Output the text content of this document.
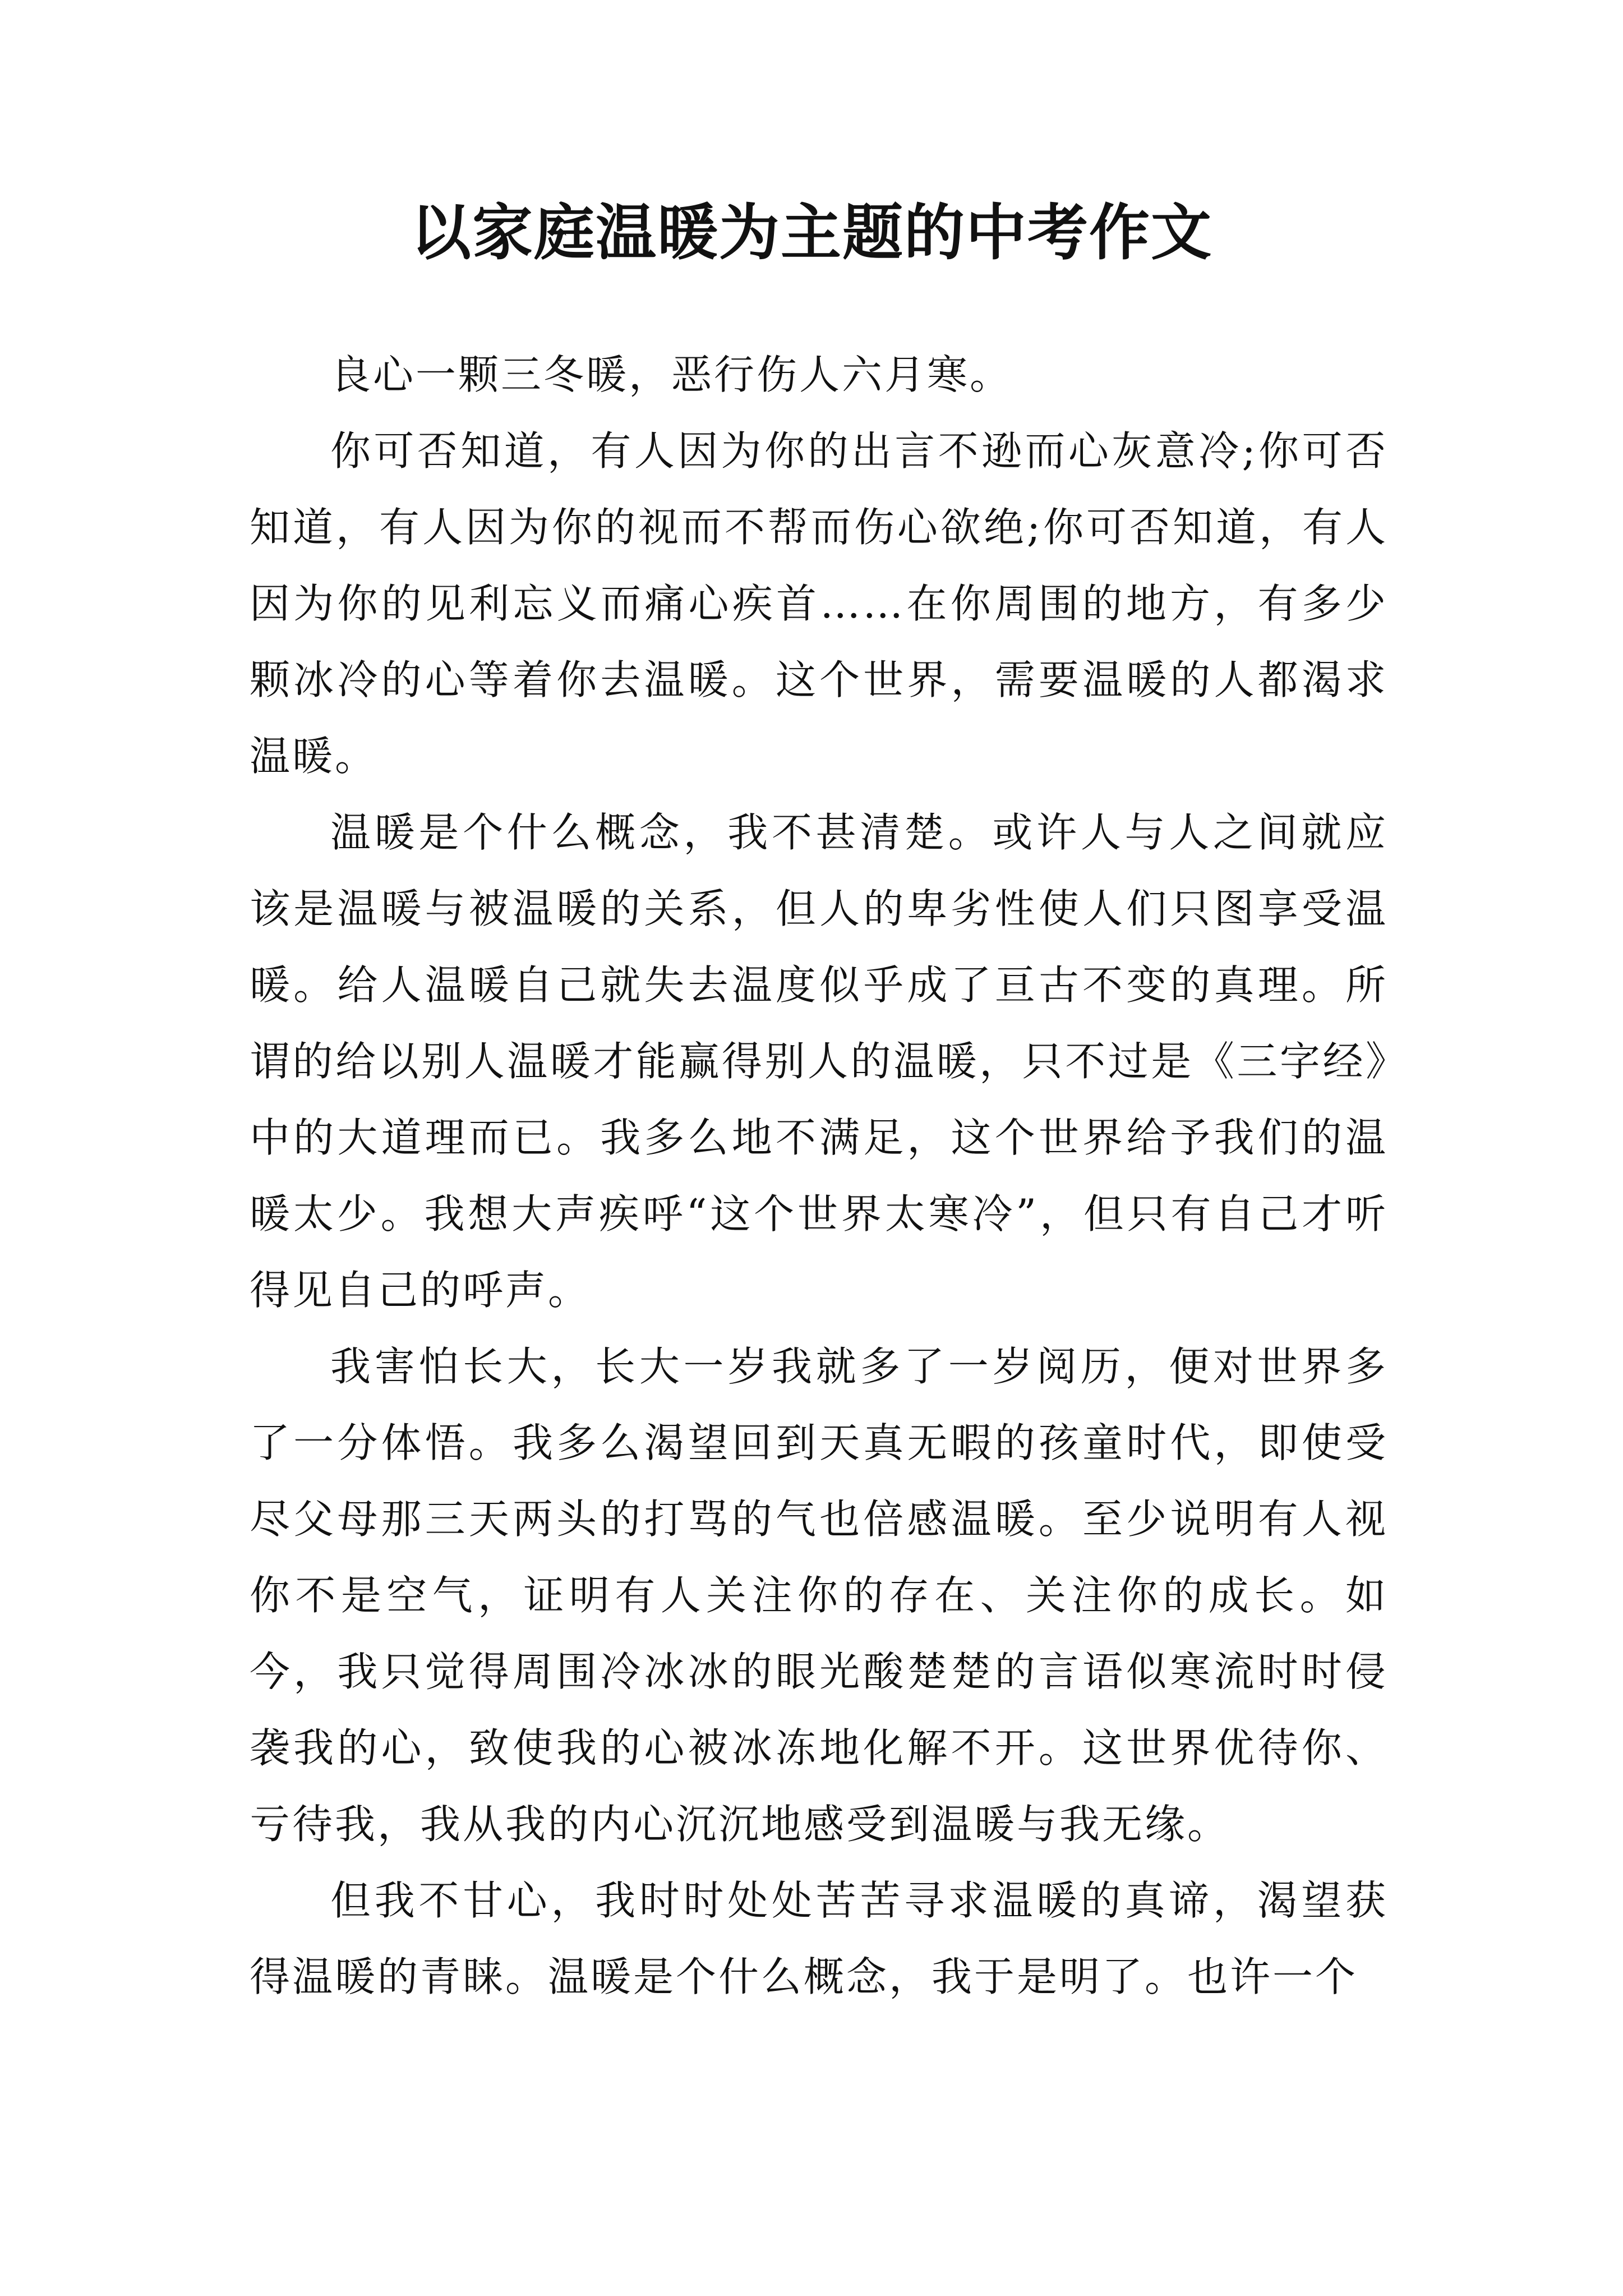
以家庭温暖为主题的中考作文

良心一颗三冬暖，恶行伤人六月寒。

你可否知道，有人因为你的出言不逊而心灰意冷;你可否知道，有人因为你的视而不帮而伤心欲绝;你可否知道，有人因为你的见利忘义而痛心疾首……在你周围的地方，有多少颗冰冷的心等着你去温暖。这个世界，需要温暖的人都渴求温暖。

温暖是个什么概念，我不甚清楚。或许人与人之间就应该是温暖与被温暖的关系，但人的卑劣性使人们只图享受温暖。给人温暖自己就失去温度似乎成了亘古不变的真理。所谓的给以别人温暖才能赢得别人的温暖，只不过是《三字经》中的大道理而已。我多么地不满足，这个世界给予我们的温暖太少。我想大声疾呼“这个世界太寒冷”，但只有自己才听得见自己的呼声。

我害怕长大，长大一岁我就多了一岁阅历，便对世界多了一分体悟。我多么渴望回到天真无暇的孩童时代，即使受尽父母那三天两头的打骂的气也倍感温暖。至少说明有人视你不是空气，证明有人关注你的存在、关注你的成长。如今，我只觉得周围冷冰冰的眼光酸楚楚的言语似寒流时时侵袭我的心，致使我的心被冰冻地化解不开。这世界优待你、亏待我，我从我的内心沉沉地感受到温暖与我无缘。

但我不甘心，我时时处处苦苦寻求温暖的真谛，渴望获得温暖的青睐。温暖是个什么概念，我于是明了。也许一个
